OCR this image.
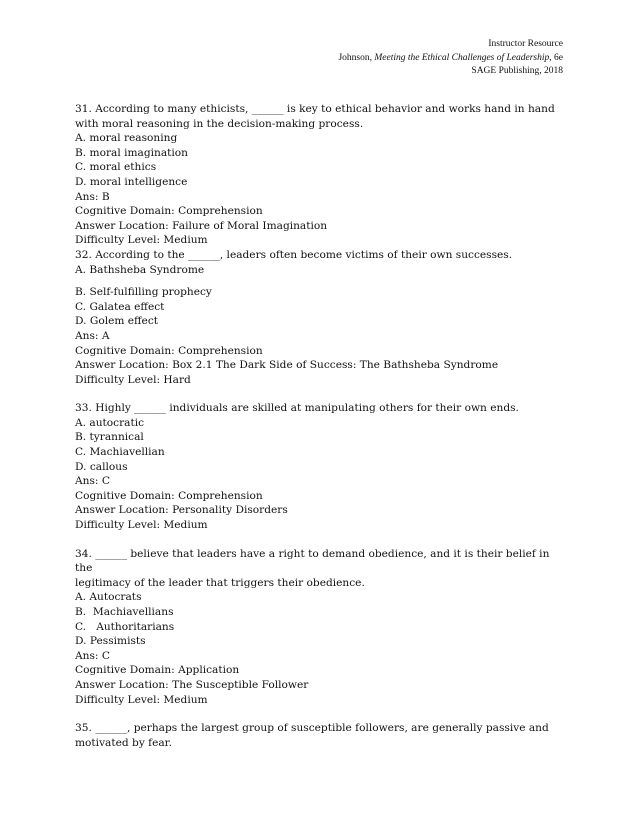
Instructor Resource
Johnson, Meeting the Ethical Challenges of Leadership, 6e
SAGE Publishing, 2018

31. According to many ethicists, ______ is key to ethical behavior and works hand in hand

with moral reasoning in the decision-making process.

A. moral reasoning

B. moral imagination

C. moral ethics

D. moral intelligence

Ans: B

Cognitive Domain: Comprehension

Answer Location: Failure of Moral Imagination

Difficulty Level: Medium

32. According to the ______, leaders often become victims of their own successes.

A. Bathsheba Syndrome

B. Self-fulfilling prophecy

C. Galatea effect

D. Golem effect

Ans: A

Cognitive Domain: Comprehension

Answer Location: Box 2.1 The Dark Side of Success: The Bathsheba Syndrome

Difficulty Level: Hard

33. Highly ______ individuals are skilled at manipulating others for their own ends.

A. autocratic

B. tyrannical

C. Machiavellian

D. callous

Ans: C

Cognitive Domain: Comprehension

Answer Location: Personality Disorders

Difficulty Level: Medium

34. ______ believe that leaders have a right to demand obedience, and it is their belief in the

legitimacy of the leader that triggers their obedience.

A. Autocrats

B.  Machiavellians

C.   Authoritarians

D. Pessimists

Ans: C

Cognitive Domain: Application

Answer Location: The Susceptible Follower

Difficulty Level: Medium

35. ______, perhaps the largest group of susceptible followers, are generally passive and

motivated by fear.
